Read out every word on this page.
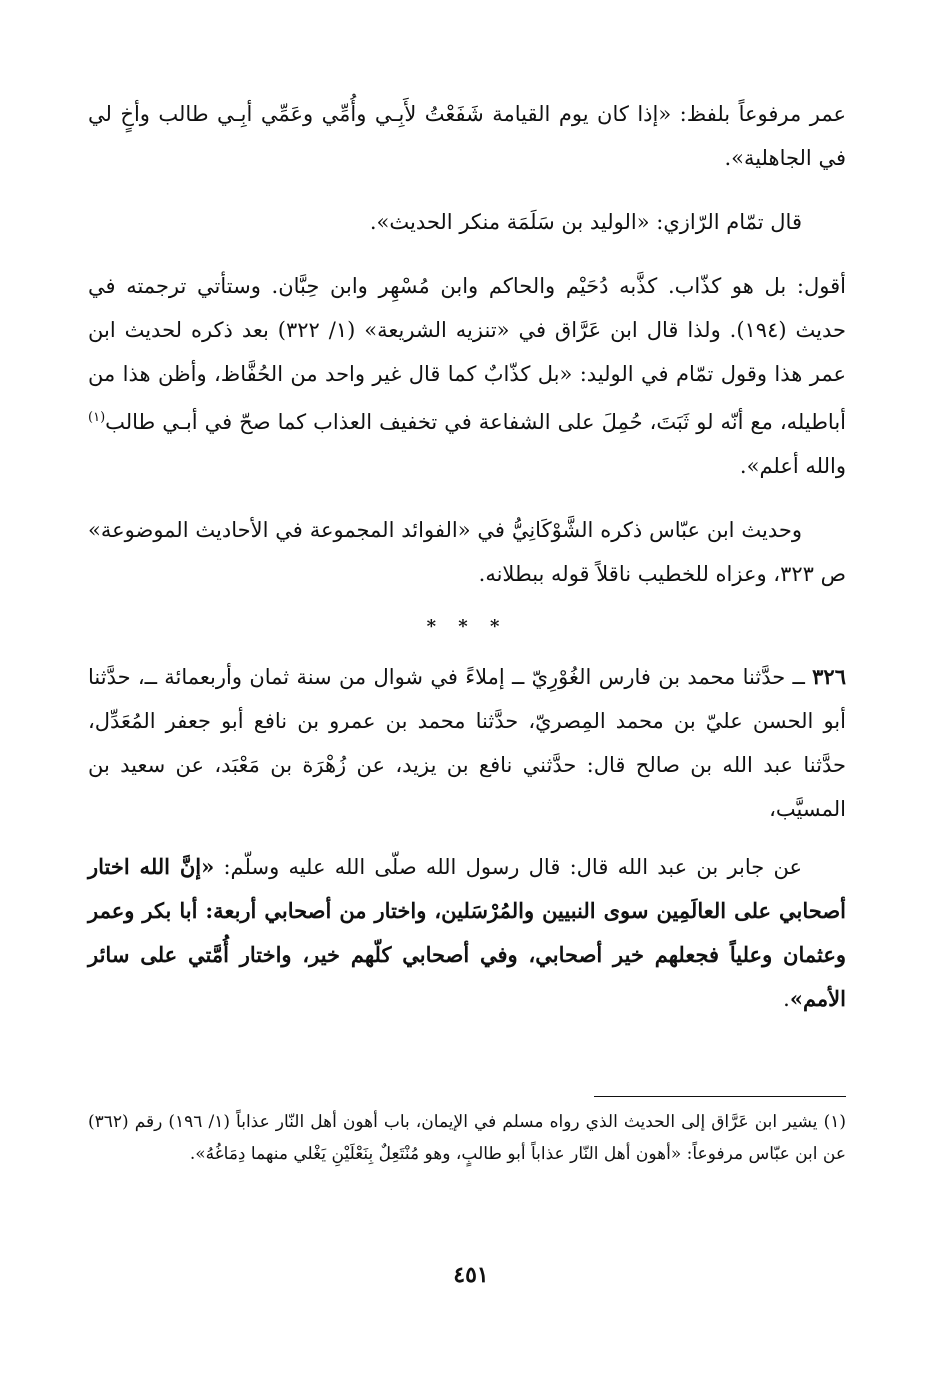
عمر مرفوعاً بلفظ: «إذا كان يوم القيامة شَفَعْتُ لأَبِـي وأُمِّي وعَمِّي أبِـي طالب وأخٍ لي في الجاهلية».

قال تمّام الرّازي: «الوليد بن سَلَمَة منكر الحديث».

أقول: بل هو كذّاب. كذَّبه دُحَيْم والحاكم وابن مُسْهِر وابن حِبَّان. وستأتي ترجمته في حديث (١٩٤). ولذا قال ابن عَرَّاق في «تنزيه الشريعة» (١/ ٣٢٢) بعد ذكره لحديث ابن عمر هذا وقول تمّام في الوليد: «بل كذّابٌ كما قال غير واحد من الحُفَّاظ، وأظن هذا من أباطيله، مع أنّه لو ثَبَتَ، حُمِلَ على الشفاعة في تخفيف العذاب كما صحّ في أبـي طالب$^{(١)}$ والله أعلم».

وحديث ابن عبّاس ذكره الشَّوْكَانِيُّ في «الفوائد المجموعة في الأحاديث الموضوعة» ص ٣٢٣، وعزاه للخطيب ناقلاً قوله ببطلانه.

* * *

٣٢٦ ــ حدَّثنا محمد بن فارس الغُوْرِيّ ــ إملاءً في شوال من سنة ثمان وأربعمائة ــ، حدَّثنا أبو الحسن عليّ بن محمد المِصريّ، حدَّثنا محمد بن عمرو بن نافع أبو جعفر المُعَدِّل، حدَّثنا عبد الله بن صالح قال: حدَّثني نافع بن يزيد، عن زُهْرَة بن مَعْبَد، عن سعيد بن المسيَّب،

عن جابر بن عبد الله قال: قال رسول الله صلّى الله عليه وسلّم: «إنَّ الله اختار أصحابي على العالَمِين سوى النبيين والمُرْسَلين، واختار من أصحابي أربعة: أبا بكر وعمر وعثمان وعلياً فجعلهم خير أصحابي، وفي أصحابي كلّهم خير، واختار أُمَّتي على سائر الأمم».

(١) يشير ابن عَرَّاق إلى الحديث الذي رواه مسلم في الإيمان، باب أهون أهل النّار عذاباً (١/ ١٩٦) رقم (٣٦٢) عن ابن عبّاس مرفوعاً: «أهون أهل النّار عذاباً أبو طالبٍ، وهو مُنْتَعِلٌ بِنَعْلَيْنِ يَغْلي منهما دِمَاغُهُ».
٤٥١
